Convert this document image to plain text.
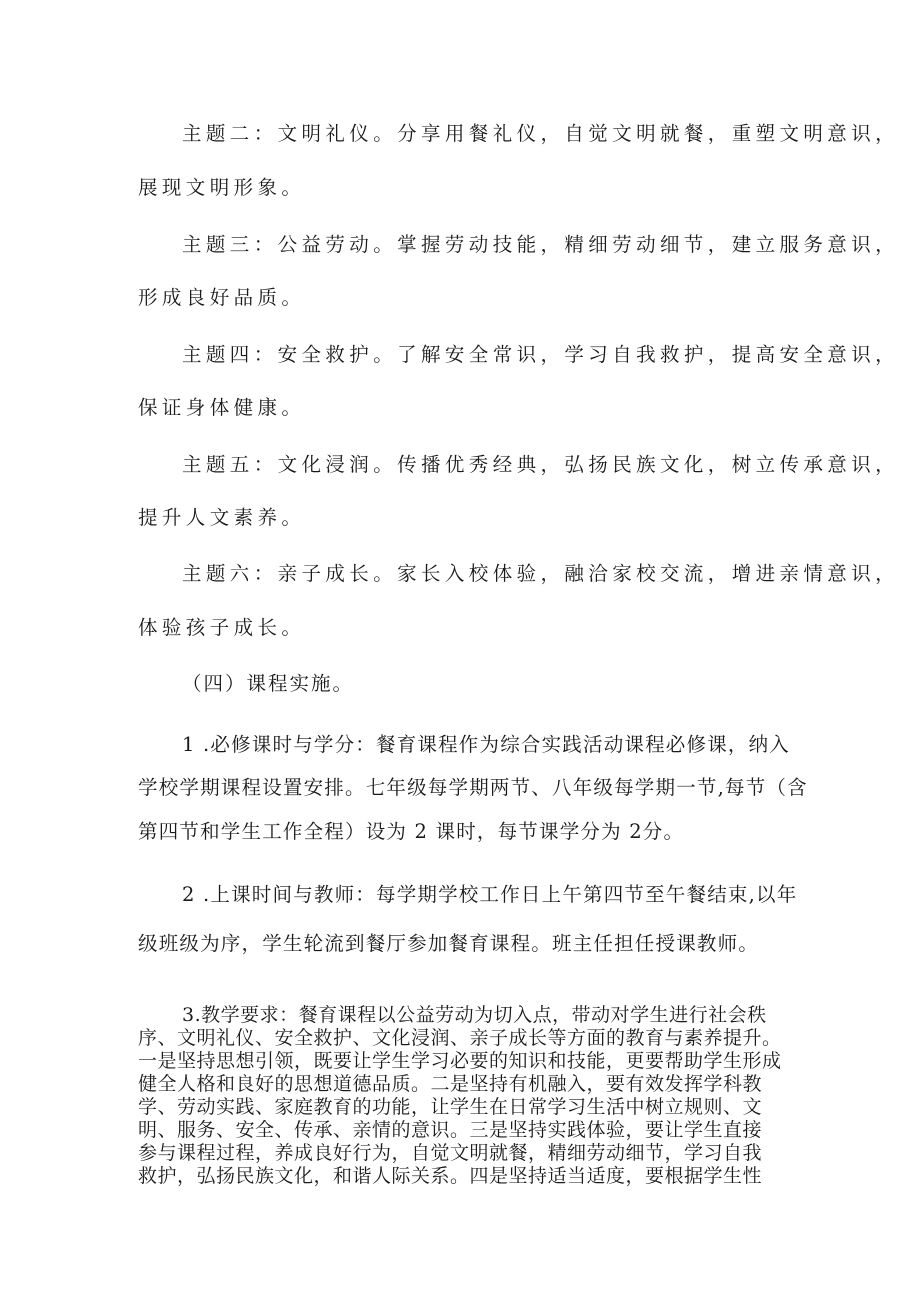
主题二：文明礼仪。分享用餐礼仪，自觉文明就餐，重塑文明意识，
展现文明形象。
主题三：公益劳动。掌握劳动技能，精细劳动细节，建立服务意识，
形成良好品质。
主题四：安全救护。了解安全常识，学习自我救护，提高安全意识，
保证身体健康。
主题五：文化浸润。传播优秀经典，弘扬民族文化，树立传承意识，
提升人文素养。
主题六：亲子成长。家长入校体验，融洽家校交流，增进亲情意识，
体验孩子成长。
（四）课程实施。
1 .必修课时与学分：餐育课程作为综合实践活动课程必修课，纳入
学校学期课程设置安排。七年级每学期两节、八年级每学期一节,每节（含
第四节和学生工作全程）设为 2 课时，每节课学分为 2分。
2 .上课时间与教师：每学期学校工作日上午第四节至午餐结束,以年
级班级为序，学生轮流到餐厅参加餐育课程。班主任担任授课教师。
3.教学要求：餐育课程以公益劳动为切入点，带动对学生进行社会秩
序、文明礼仪、安全救护、文化浸润、亲子成长等方面的教育与素养提升。
一是坚持思想引领，既要让学生学习必要的知识和技能，更要帮助学生形成
健全人格和良好的思想道德品质。二是坚持有机融入，要有效发挥学科教
学、劳动实践、家庭教育的功能，让学生在日常学习生活中树立规则、文
明、服务、安全、传承、亲情的意识。三是坚持实践体验，要让学生直接
参与课程过程，养成良好行为，自觉文明就餐，精细劳动细节，学习自我
救护，弘扬民族文化，和谐人际关系。四是坚持适当适度，要根据学生性
